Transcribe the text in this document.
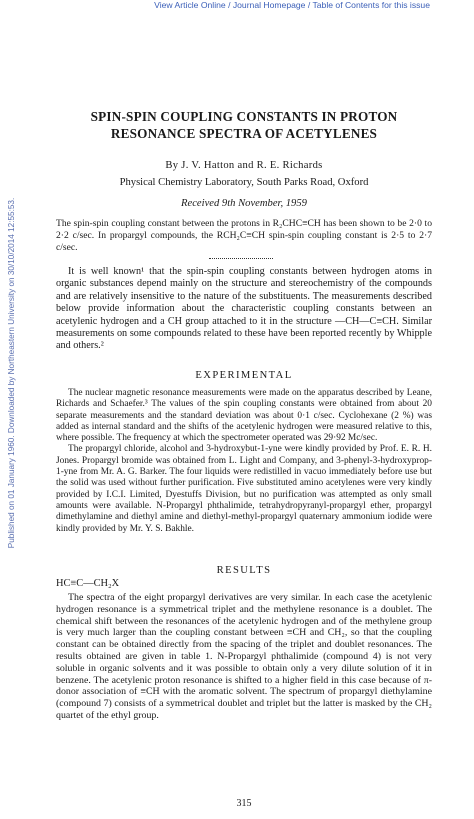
View Article Online / Journal Homepage / Table of Contents for this issue
Published on 01 January 1960. Downloaded by Northeastern University on 30/10/2014 12:55:53.
SPIN-SPIN COUPLING CONSTANTS IN PROTON
RESONANCE SPECTRA OF ACETYLENES
By J. V. Hatton and R. E. Richards
Physical Chemistry Laboratory, South Parks Road, Oxford
Received 9th November, 1959

The spin-spin coupling constant between the protons in R₂CHC≡CH has been shown to be 2·0 to 2·2 c/sec. In propargyl compounds, the RCH₂C≡CH spin-spin coupling constant is 2·5 to 2·7 c/sec.

It is well known¹ that the spin-spin coupling constants between hydrogen atoms in organic substances depend mainly on the structure and stereochemistry of the compounds and are relatively insensitive to the nature of the substituents. The measurements described below provide information about the characteristic coupling constants between an acetylenic hydrogen and a CH group attached to it in the structure —CH—C≡CH. Similar measurements on some compounds related to these have been reported recently by Whipple and others.²

EXPERIMENTAL

The nuclear magnetic resonance measurements were made on the apparatus described by Leane, Richards and Schaefer.³ The values of the spin coupling constants were obtained from about 20 separate measurements and the standard deviation was about 0·1 c/sec. Cyclohexane (2 %) was added as internal standard and the shifts of the acetylenic hydrogen were measured relative to this, where possible. The frequency at which the spectrometer operated was 29·92 Mc/sec.

The propargyl chloride, alcohol and 3-hydroxybut-1-yne were kindly provided by Prof. E. R. H. Jones. Propargyl bromide was obtained from L. Light and Company, and 3-phenyl-3-hydroxyprop-1-yne from Mr. A. G. Barker. The four liquids were redistilled in vacuo immediately before use but the solid was used without further purification. Five substituted amino acetylenes were very kindly provided by I.C.I. Limited, Dyestuffs Division, but no purification was attempted as only small amounts were available. N-Propargyl phthalimide, tetrahydropyranyl-propargyl ether, propargyl dimethylamine and diethyl amine and diethyl-methyl-propargyl quaternary ammonium iodide were kindly provided by Mr. Y. S. Bakhle.

RESULTS
HC≡C—CH₂X

The spectra of the eight propargyl derivatives are very similar. In each case the acetylenic hydrogen resonance is a symmetrical triplet and the methylene resonance is a doublet. The chemical shift between the resonances of the acetylenic hydrogen and of the methylene group is very much larger than the coupling constant between ≡CH and CH₂, so that the coupling constant can be obtained directly from the spacing of the triplet and doublet resonances. The results obtained are given in table 1. N-Propargyl phthalimide (compound 4) is not very soluble in organic solvents and it was possible to obtain only a very dilute solution of it in benzene. The acetylenic proton resonance is shifted to a higher field in this case because of π-donor association of ≡CH with the aromatic solvent. The spectrum of propargyl diethylamine (compound 7) consists of a symmetrical doublet and triplet but the latter is masked by the CH₂ quartet of the ethyl group.

315
